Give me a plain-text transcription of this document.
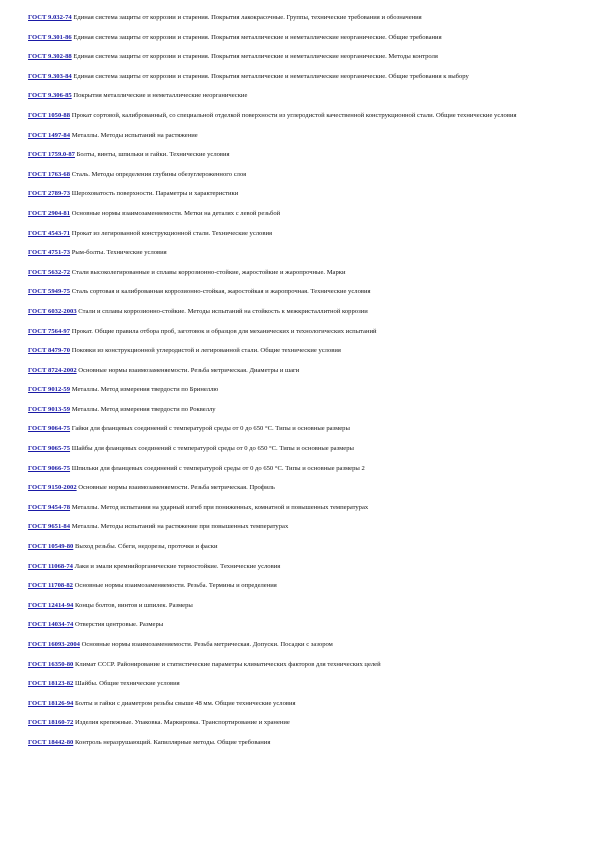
ГОСТ 9.032-74 Единая система защиты от коррозии и старения. Покрытия лакокрасочные. Группы, технические требования и обозначения
ГОСТ 9.301-86 Единая система защиты от коррозии и старения. Покрытия металлические и неметаллические неорганические. Общие требования
ГОСТ 9.302-88 Единая система защиты от коррозии и старения. Покрытия металлические и неметаллические неорганические. Методы контроля
ГОСТ 9.303-84 Единая система защиты от коррозии и старения. Покрытия металлические и неметаллические неорганические. Общие требования к выбору
ГОСТ 9.306-85 Покрытия металлические и неметаллические неорганические
ГОСТ 1050-88 Прокат сортовой, калиброванный, со специальной отделкой поверхности из углеродистой качественной конструкционной стали. Общие технические условия
ГОСТ 1497-84 Металлы. Методы испытаний на растяжение
ГОСТ 1759.0-87 Болты, винты, шпильки и гайки. Технические условия
ГОСТ 1763-68 Сталь. Методы определения глубины обезуглероженного слоя
ГОСТ 2789-73 Шероховатость поверхности. Параметры и характеристики
ГОСТ 2904-81 Основные нормы взаимозаменяемости. Метки на деталях с левой резьбой
ГОСТ 4543-71 Прокат из легированной конструкционной стали. Технические условия
ГОСТ 4751-73 Рым-болты. Технические условия
ГОСТ 5632-72 Стали высоколегированные и сплавы коррозионно-стойкие, жаростойкие и жаропрочные. Марки
ГОСТ 5949-75 Сталь сортовая и калиброванная коррозионно-стойкая, жаростойкая и жаропрочная. Технические условия
ГОСТ 6032-2003 Стали и сплавы коррозионно-стойкие. Методы испытаний на стойкость к межкристаллитной коррозии
ГОСТ 7564-97 Прокат. Общие правила отбора проб, заготовок и образцов для механических и технологических испытаний
ГОСТ 8479-70 Поковки из конструкционной углеродистой и легированной стали. Общие технические условия
ГОСТ 8724-2002 Основные нормы взаимозаменяемости. Резьба метрическая. Диаметры и шаги
ГОСТ 9012-59 Металлы. Метод измерения твердости по Бринеллю
ГОСТ 9013-59 Металлы. Метод измерения твердости по Роквеллу
ГОСТ 9064-75 Гайки для фланцевых соединений с температурой среды от 0 до 650 °С. Типы и основные размеры
ГОСТ 9065-75 Шайбы для фланцевых соединений с температурой среды от 0 до 650 °С. Типы и основные размеры
ГОСТ 9066-75 Шпильки для фланцевых соединений с температурой среды от 0 до 650 °С. Типы и основные размеры 2
ГОСТ 9150-2002 Основные нормы взаимозаменяемости. Резьба метрическая. Профиль
ГОСТ 9454-78 Металлы. Метод испытания на ударный изгиб при пониженных, комнатной и повышенных температурах
ГОСТ 9651-84 Металлы. Методы испытаний на растяжение при повышенных температурах
ГОСТ 10549-80 Выход резьбы. Сбеги, недорезы, проточки и фаски
ГОСТ 11068-74 Лаки и эмали кремнийорганические термостойкие. Технические условия
ГОСТ 11708-82 Основные нормы взаимозаменяемости. Резьба. Термины и определения
ГОСТ 12414-94 Концы болтов, винтов и шпилек. Размеры
ГОСТ 14034-74 Отверстия центровые. Размеры
ГОСТ 16093-2004 Основные нормы взаимозаменяемости. Резьба метрическая. Допуски. Посадки с зазором
ГОСТ 16350-80 Климат СССР. Районирование и статистические параметры климатических факторов для технических целей
ГОСТ 18123-82 Шайбы. Общие технические условия
ГОСТ 18126-94 Болты и гайки с диаметром резьбы свыше 48 мм. Общие технические условия
ГОСТ 18160-72 Изделия крепежные. Упаковка. Маркировка. Транспортирование и хранение
ГОСТ 18442-80 Контроль неразрушающий. Капиллярные методы. Общие требования
